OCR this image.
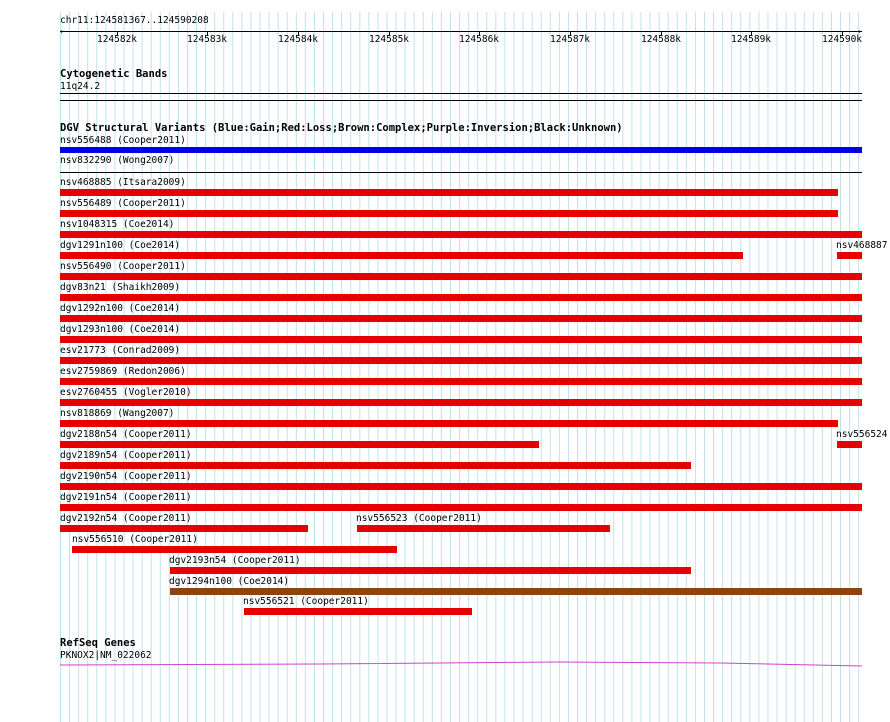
chr11:124581367..124590208
‹	›
124582k	124583k	124584k	124585k	124586k	124587k	124588k	124589k	124590k
Cytogenetic Bands
11q24.2
DGV Structural Variants (Blue:Gain;Red:Loss;Brown:Complex;Purple:Inversion;Black:Unknown)
nsv556488 (Cooper2011)
nsv832290 (Wong2007)
nsv468885 (Itsara2009)
nsv556489 (Cooper2011)
nsv1048315 (Coe2014)
dgv1291n100 (Coe2014)	nsv468887
nsv556490 (Cooper2011)
dgv83n21 (Shaikh2009)
dgv1292n100 (Coe2014)
dgv1293n100 (Coe2014)
esv21773 (Conrad2009)
esv2759869 (Redon2006)
esv2760455 (Vogler2010)
nsv818869 (Wang2007)
dgv2188n54 (Cooper2011)	nsv556524
dgv2189n54 (Cooper2011)
dgv2190n54 (Cooper2011)
dgv2191n54 (Cooper2011)
dgv2192n54 (Cooper2011)	nsv556523 (Cooper2011)
nsv556510 (Cooper2011)
dgv2193n54 (Cooper2011)
dgv1294n100 (Coe2014)
nsv556521 (Cooper2011)
RefSeq Genes
PKNOX2|NM_022062
